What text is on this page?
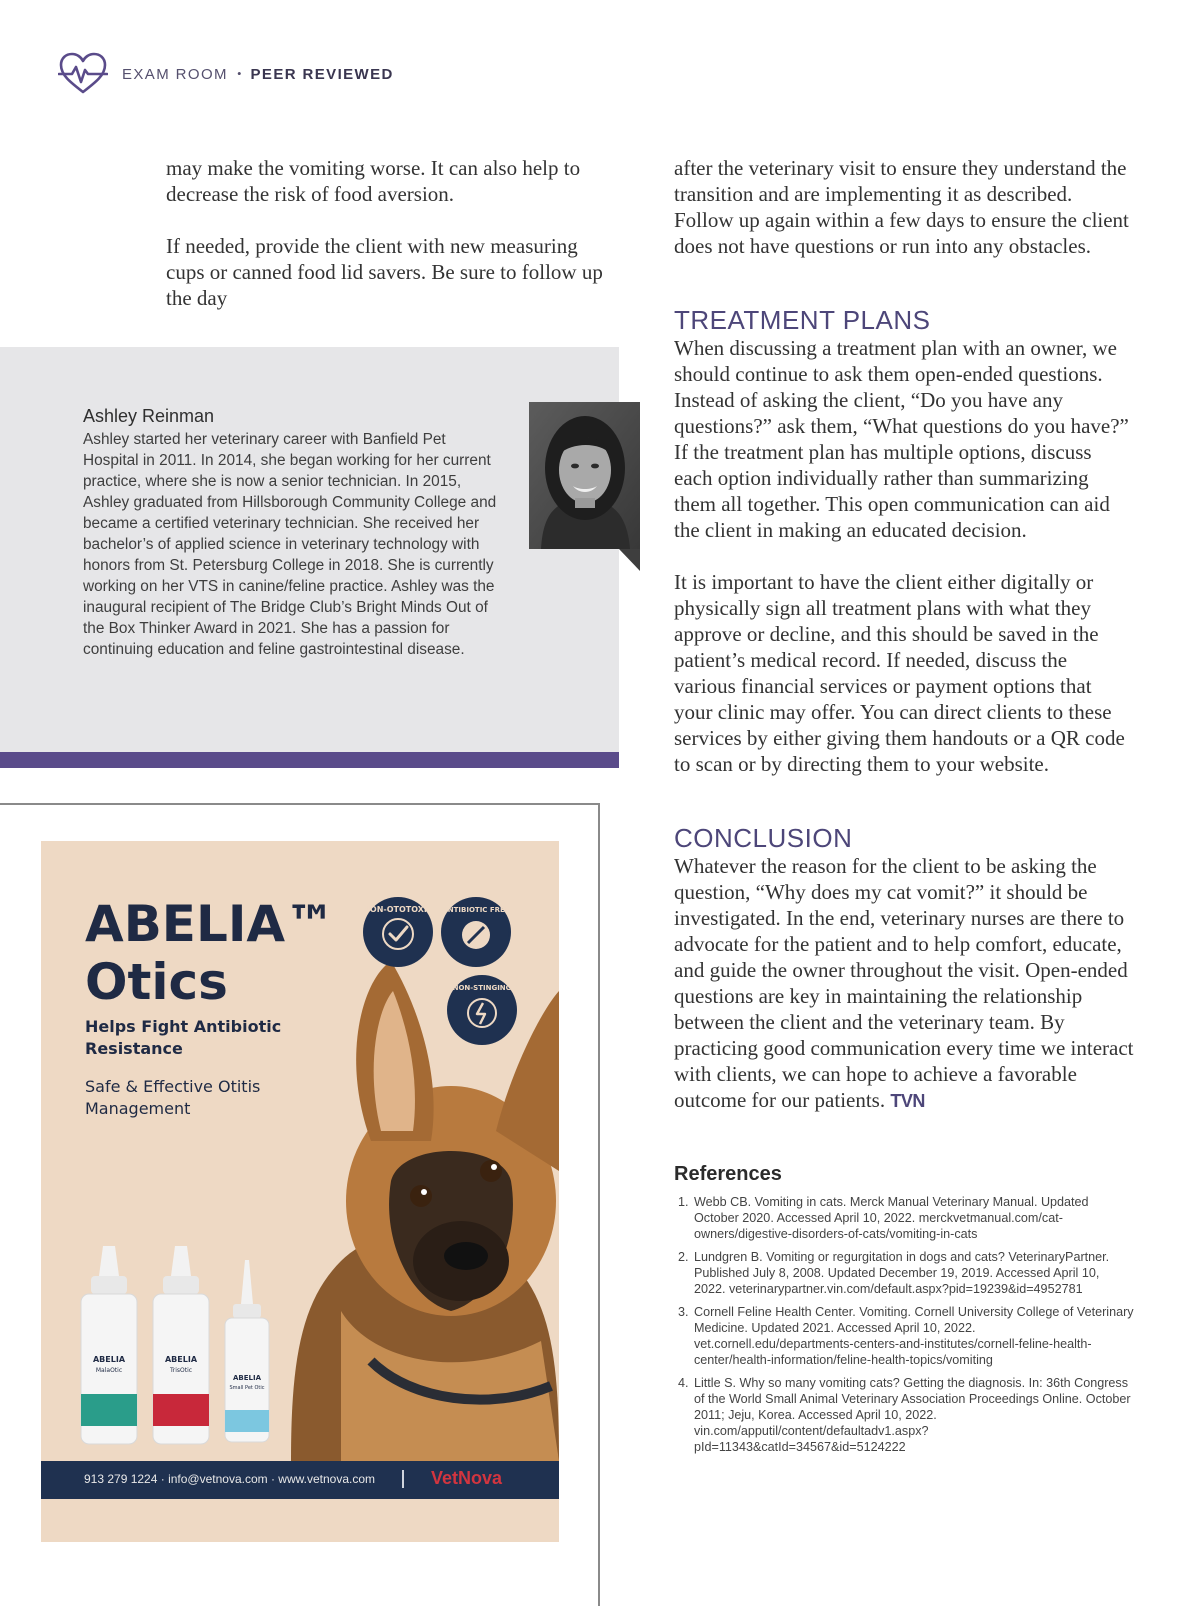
EXAM ROOM • PEER REVIEWED

may make the vomiting worse. It can also help to decrease the risk of food aversion.

If needed, provide the client with new measuring cups or canned food lid savers. Be sure to follow up the day

after the veterinary visit to ensure they understand the transition and are implementing it as described. Follow up again within a few days to ensure the client does not have questions or run into any obstacles.

TREATMENT PLANS

When discussing a treatment plan with an owner, we should continue to ask them open-ended questions. Instead of asking the client, “Do you have any questions?” ask them, “What questions do you have?” If the treatment plan has multiple options, discuss each option individually rather than summarizing them all together. This open communication can aid the client in making an educated decision.

It is important to have the client either digitally or physically sign all treatment plans with what they approve or decline, and this should be saved in the patient’s medical record. If needed, discuss the various financial services or payment options that your clinic may offer. You can direct clients to these services by either giving them handouts or a QR code to scan or by directing them to your website.

CONCLUSION

Whatever the reason for the client to be asking the question, “Why does my cat vomit?” it should be investigated. In the end, veterinary nurses are there to advocate for the patient and to help comfort, educate, and guide the owner throughout the visit. Open-ended questions are key in maintaining the relationship between the client and the veterinary team. By practicing good communication every time we interact with clients, we can hope to achieve a favorable outcome for our patients. TVN

Ashley Reinman

Ashley started her veterinary career with Banfield Pet Hospital in 2011. In 2014, she began working for her current practice, where she is now a senior technician. In 2015, Ashley graduated from Hillsborough Community College and became a certified veterinary technician. She received her bachelor’s of applied science in veterinary technology with honors from St. Petersburg College in 2018. She is currently working on her VTS in canine/feline practice. Ashley was the inaugural recipient of The Bridge Club’s Bright Minds Out of the Box Thinker Award in 2021. She has a passion for continuing education and feline gastrointestinal disease.

ABELIA™
Otics
Helps Fight Antibiotic Resistance
Safe & Effective Otitis Management
NON-OTOTOXIC ANTIBIOTIC FREE
NON-STINGING
ABELIA
MalaOtic
ABELIA
TrisOtic
ABELIA
Small Pet Otic
913 279 1224 · info@vetnova.com · www.vetnova.com	VetNova
References
1. Webb CB. Vomiting in cats. Merck Manual Veterinary Manual. Updated October 2020. Accessed April 10, 2022. merckvetmanual.com/cat-owners/digestive-disorders-of-cats/vomiting-in-cats
2. Lundgren B. Vomiting or regurgitation in dogs and cats? VeterinaryPartner. Published July 8, 2008. Updated December 19, 2019. Accessed April 10, 2022. veterinarypartner.vin.com/default.aspx?pid=19239&id=4952781
3. Cornell Feline Health Center. Vomiting. Cornell University College of Veterinary Medicine. Updated 2021. Accessed April 10, 2022. vet.cornell.edu/departments-centers-and-institutes/cornell-feline-health-center/health-information/feline-health-topics/vomiting
4. Little S. Why so many vomiting cats? Getting the diagnosis. In: 36th Congress of the World Small Animal Veterinary Association Proceedings Online. October 2011; Jeju, Korea. Accessed April 10, 2022. vin.com/apputil/content/defaultadv1.aspx?pId=11343&catId=34567&id=5124222
